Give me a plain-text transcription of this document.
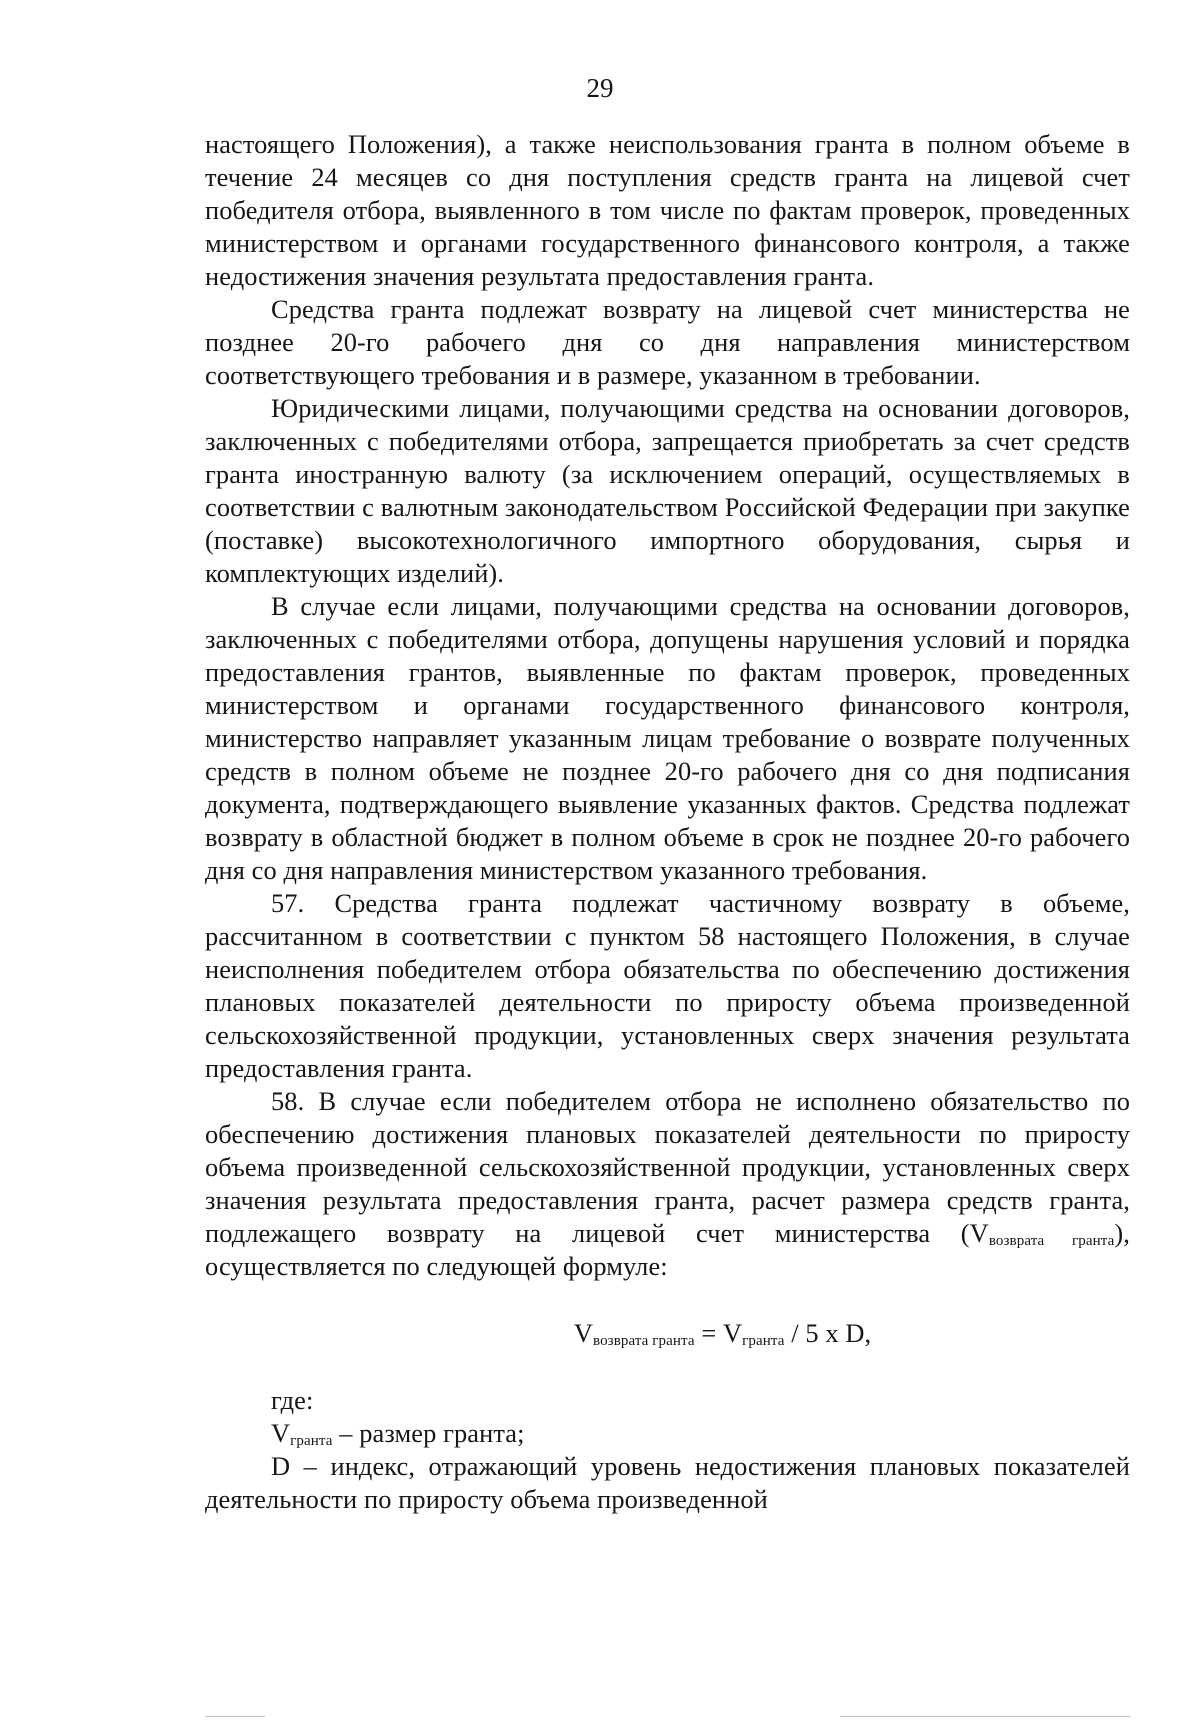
29

настоящего Положения), а также неиспользования гранта в полном объеме в течение 24 месяцев со дня поступления средств гранта на лицевой счет победителя отбора, выявленного в том числе по фактам проверок, проведенных министерством и органами государственного финансового контроля, а также недостижения значения результата предоставления гранта.

Средства гранта подлежат возврату на лицевой счет министерства не позднее 20-го рабочего дня со дня направления министерством соответствующего требования и в размере, указанном в требовании.

Юридическими лицами, получающими средства на основании договоров, заключенных с победителями отбора, запрещается приобретать за счет средств гранта иностранную валюту (за исключением операций, осуществляемых в соответствии с валютным законодательством Российской Федерации при закупке (поставке) высокотехнологичного импортного оборудования, сырья и комплектующих изделий).

В случае если лицами, получающими средства на основании договоров, заключенных с победителями отбора, допущены нарушения условий и порядка предоставления грантов, выявленные по фактам проверок, проведенных министерством и органами государственного финансового контроля, министерство направляет указанным лицам требование о возврате полученных средств в полном объеме не позднее 20-го рабочего дня со дня подписания документа, подтверждающего выявление указанных фактов. Средства подлежат возврату в областной бюджет в полном объеме в срок не позднее 20-го рабочего дня со дня направления министерством указанного требования.

57. Средства гранта подлежат частичному возврату в объеме, рассчитанном в соответствии с пунктом 58 настоящего Положения, в случае неисполнения победителем отбора обязательства по обеспечению достижения плановых показателей деятельности по приросту объема произведенной сельскохозяйственной продукции, установленных сверх значения результата предоставления гранта.

58. В случае если победителем отбора не исполнено обязательство по обеспечению достижения плановых показателей деятельности по приросту объема произведенной сельскохозяйственной продукции, установленных сверх значения результата предоставления гранта, расчет размера средств гранта, подлежащего возврату на лицевой счет министерства $(V_{возврата гранта})$, осуществляется по следующей формуле:

$V_{возврата гранта} = V_{гранта} / 5$ х D,

где:

$V_{гранта}$ – размер гранта;

D – индекс, отражающий уровень недостижения плановых показателей деятельности по приросту объема произведенной
